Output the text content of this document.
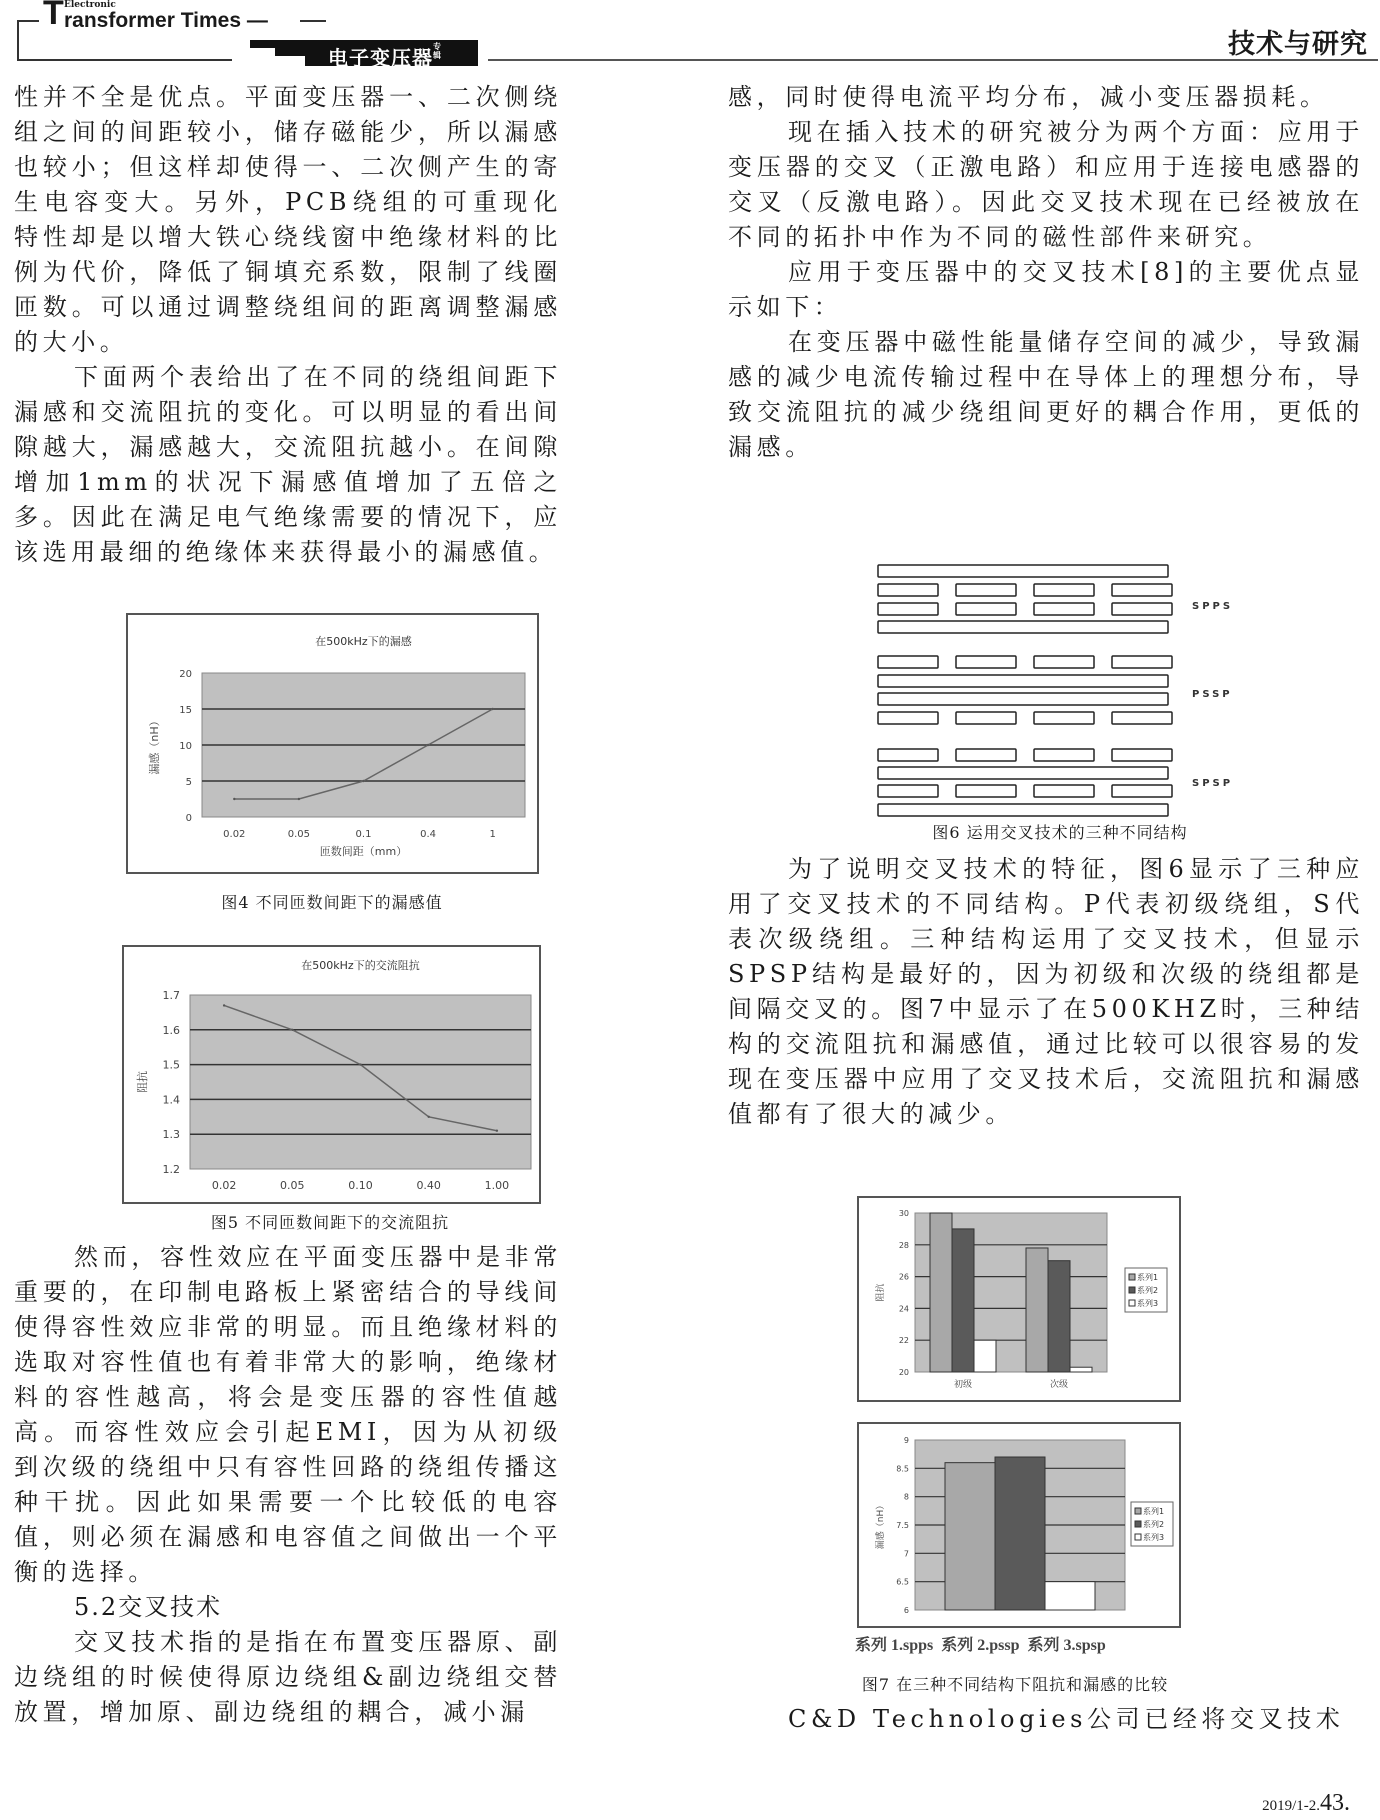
T Electronic
ransformer Times —
电子变压器专辑	技术与研究

性并不全是优点。平面变压器一、二次侧绕组之间的间距较小，储存磁能少，所以漏感也较小；但这样却使得一、二次侧产生的寄生电容变大。另外，PCB绕组的可重现化特性却是以增大铁心绕线窗中绝缘材料的比例为代价，降低了铜填充系数，限制了线圈匝数。可以通过调整绕组间的距离调整漏感的大小。

下面两个表给出了在不同的绕组间距下漏感和交流阻抗的变化。可以明显的看出间隙越大，漏感越大，交流阻抗越小。在间隙增加1mm的状况下漏感值增加了五倍之多。因此在满足电气绝缘需要的情况下，应该选用最细的绝缘体来获得最小的漏感值。

在500kHz下的漏感
0
5
10
15
20
0.02	0.05	0.1	0.4	1
匝数间距（mm）
漏感（nH）
图4 不同匝数间距下的漏感值
在500kHz下的交流阻抗
1.2
1.3
1.4
1.5
1.6
1.7
0.02	0.05	0.10	0.40	1.00
阻抗
图5 不同匝数间距下的交流阻抗

然而，容性效应在平面变压器中是非常重要的，在印制电路板上紧密结合的导线间使得容性效应非常的明显。而且绝缘材料的选取对容性值也有着非常大的影响，绝缘材料的容性越高，将会是变压器的容性值越高。而容性效应会引起EMI，因为从初级到次级的绕组中只有容性回路的绕组传播这种干扰。因此如果需要一个比较低的电容值，则必须在漏感和电容值之间做出一个平衡的选择。

5.2交叉技术

交叉技术指的是指在布置变压器原、副边绕组的时候使得原边绕组&副边绕组交替放置，增加原、副边绕组的耦合，减小漏

感，同时使得电流平均分布，减小变压器损耗。

现在插入技术的研究被分为两个方面：应用于变压器的交叉（正激电路）和应用于连接电感器的交叉（反激电路）。因此交叉技术现在已经被放在不同的拓扑中作为不同的磁性部件来研究。

应用于变压器中的交叉技术[8]的主要优点显示如下：

在变压器中磁性能量储存空间的减少，导致漏感的减少电流传输过程中在导体上的理想分布，导致交流阻抗的减少绕组间更好的耦合作用，更低的漏感。

SPPS
PSSP
SPSP
图6 运用交叉技术的三种不同结构

为了说明交叉技术的特征，图6显示了三种应用了交叉技术的不同结构。P代表初级绕组，S代表次级绕组。三种结构运用了交叉技术，但显示SPSP结构是最好的，因为初级和次级的绕组都是间隔交叉的。图7中显示了在500KHZ时，三种结构的交流阻抗和漏感值，通过比较可以很容易的发现在变压器中应用了交叉技术后，交流阻抗和漏感值都有了很大的减少。

20
22
24
26
28
30
初级	次级
系列1
系列2
系列3
阻抗
6
6.5
7
7.5
8
8.5
9
系列1
系列2
系列3
漏感（nH）
系列 1.spps  系列 2.pssp  系列 3.spsp
图7 在三种不同结构下阻抗和漏感的比较

C&D Technologies公司已经将交叉技术

2019/1-2.43.
